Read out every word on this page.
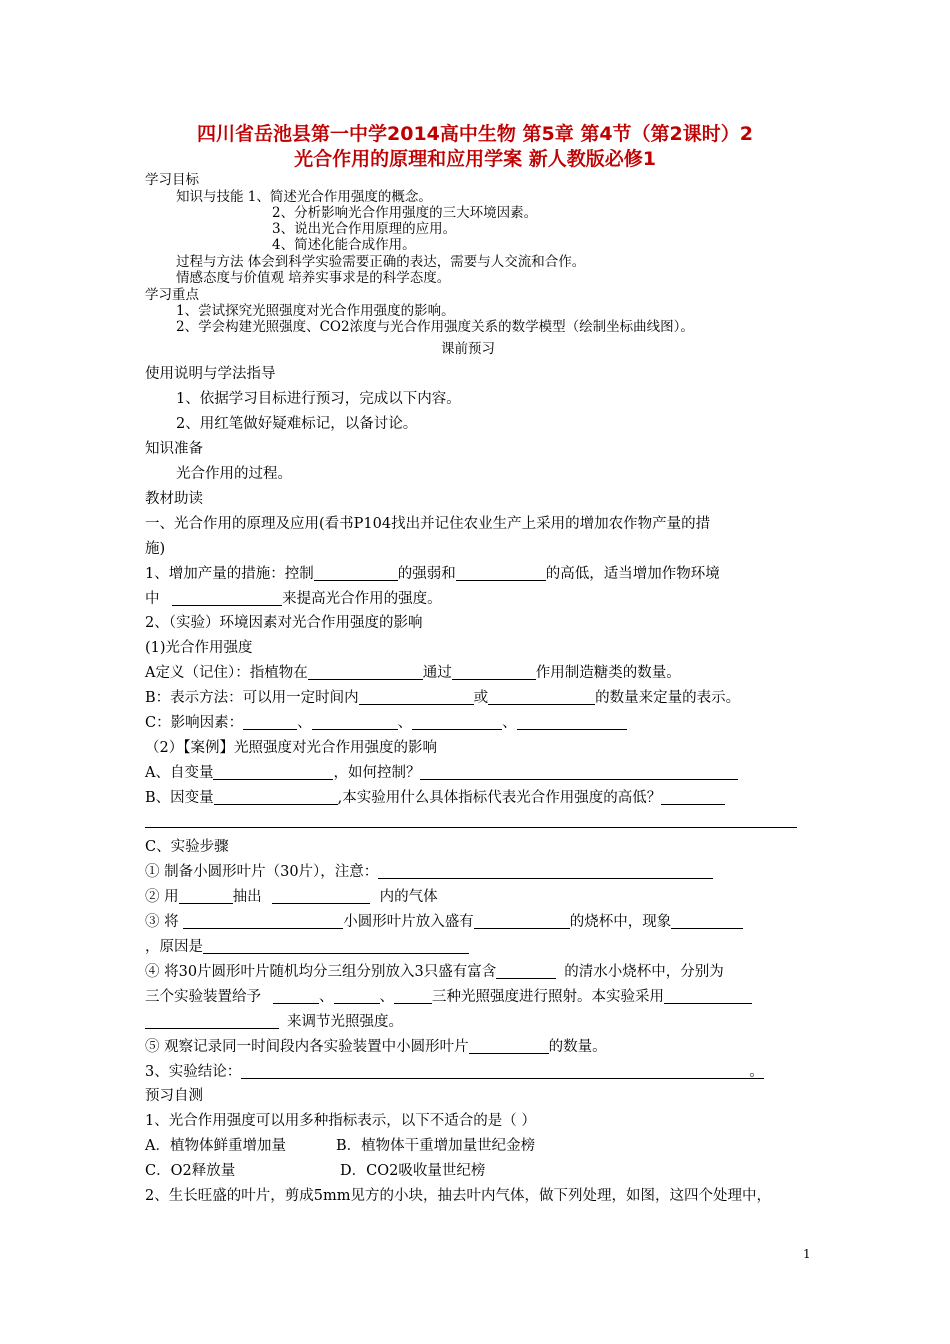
四川省岳池县第一中学2014高中生物 第5章 第4节（第2课时）2
光合作用的原理和应用学案 新人教版必修1
学习目标
知识与技能 1、简述光合作用强度的概念。
2、分析影响光合作用强度的三大环境因素。
3、说出光合作用原理的应用。
4、简述化能合成作用。
过程与方法 体会到科学实验需要正确的表达，需要与人交流和合作。
情感态度与价值观 培养实事求是的科学态度。
学习重点
1、尝试探究光照强度对光合作用强度的影响。
2、学会构建光照强度、CO2浓度与光合作用强度关系的数学模型（绘制坐标曲线图）。
课前预习
使用说明与学法指导
1、依据学习目标进行预习，完成以下内容。
2、用红笔做好疑难标记，以备讨论。
知识准备
光合作用的过程。
教材助读
一、光合作用的原理及应用(看书P104找出并记住农业生产上采用的增加农作物产量的措
施)
1、增加产量的措施：控制	的强弱和	的高低，适当增加作物环境
中	来提高光合作用的强度。
2、（实验）环境因素对光合作用强度的影响
(1)光合作用强度
A定义（记住）：指植物在	通过	作用制造糖类的数量。
B：表示方法：可以用一定时间内	或	的数量来定量的表示。
C：影响因素：	、	、	、
（2）【案例】光照强度对光合作用强度的影响
A、自变量	，如何控制？
B、因变量	,本实验用什么具体指标代表光合作用强度的高低？
C、实验步骤
① 制备小圆形叶片（30片），注意：
② 用	抽出	内的气体
③ 将	小圆形叶片放入盛有	的烧杯中，现象
，原因是
④ 将30片圆形叶片随机均分三组分别放入3只盛有富含	的清水小烧杯中，分别为
三个实验装置给予	、	、	三种光照强度进行照射。本实验采用
来调节光照强度。
⑤ 观察记录同一时间段内各实验装置中小圆形叶片	的数量。
3、实验结论：	。
预习自测
1、光合作用强度可以用多种指标表示，以下不适合的是（ ）
A．植物体鲜重增加量	B．植物体干重增加量世纪金榜
C．O2释放量	D．CO2吸收量世纪榜
2、生长旺盛的叶片，剪成5mm见方的小块，抽去叶内气体，做下列处理，如图，这四个处理中，
1
